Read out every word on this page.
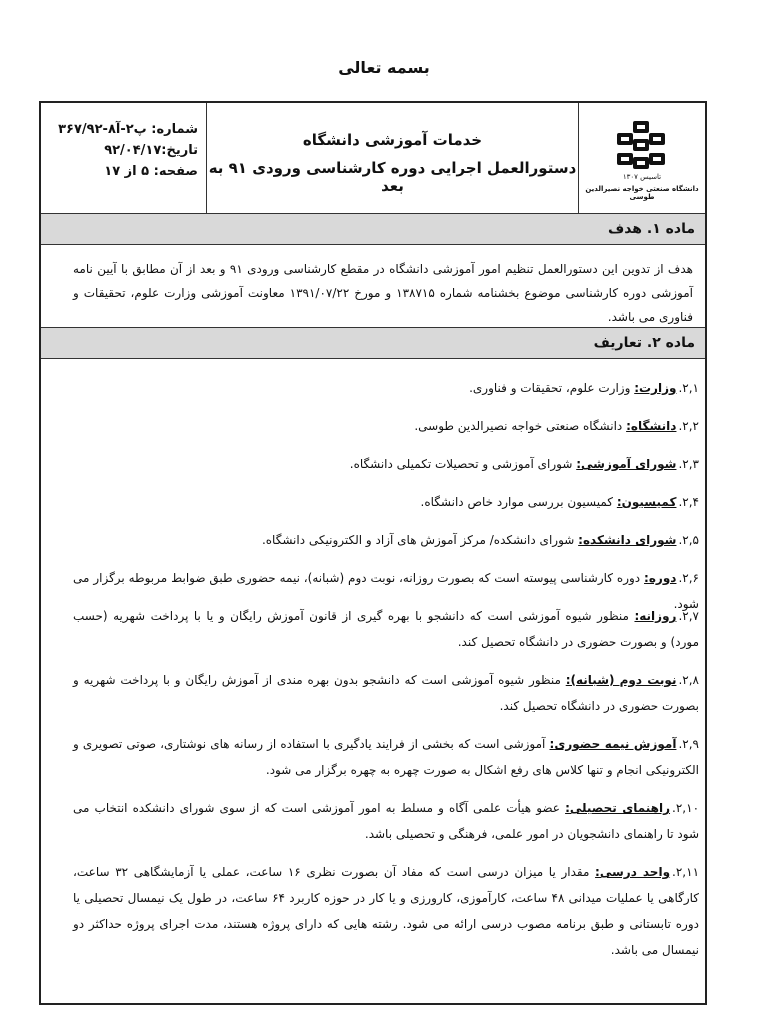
بسمه تعالی
شماره: پ۲-آ۸-۳۶۷/۹۲
تاریخ:۹۲/۰۴/۱۷
صفحه: ۵ از ۱۷
خدمات آموزشی دانشگاه
دستورالعمل اجرایی دوره کارشناسی ورودی ۹۱ به بعد	تاسیس ۱۳۰۷
دانشگاه صنعتی خواجه نصیرالدین طوسی
ماده ۱. هدف
هدف از تدوین این دستورالعمل تنظیم امور آموزشی دانشگاه در مقطع کارشناسی ورودی ۹۱ و بعد از آن مطابق با آیین نامه آموزشی دوره کارشناسی موضوع بخشنامه شماره ۱۳۸۷۱۵ و مورخ ۱۳۹۱/۰۷/۲۲ معاونت آموزشی وزارت علوم، تحقیقات و فناوری می باشد.
ماده ۲. تعاریف
۲,۱.وزارت: وزارت علوم، تحقیقات و فناوری.
۲,۲.دانشگاه: دانشگاه صنعتی خواجه نصیرالدین طوسی.
۲,۳.شورای آموزشی: شورای آموزشی و تحصیلات تکمیلی دانشگاه.
۲,۴.کمیسیون: کمیسیون بررسی موارد خاص دانشگاه.
۲,۵.شورای دانشکده: شورای دانشکده/ مرکز آموزش های آزاد و الکترونیکی دانشگاه.
۲,۶.دوره: دوره کارشناسی پیوسته است که بصورت روزانه، نوبت دوم (شبانه)، نیمه حضوری طبق ضوابط مربوطه برگزار می شود.
۲,۷.روزانه: منظور شیوه آموزشی است که دانشجو با بهره گیری از قانون آموزش رایگان و یا با پرداخت شهریه (حسب مورد) و بصورت حضوری در دانشگاه تحصیل کند.
۲,۸.نوبت دوم (شبانه): منظور شیوه آموزشی است که دانشجو بدون بهره مندی از آموزش رایگان و با پرداخت شهریه و بصورت حضوری در دانشگاه تحصیل کند.
۲,۹.آموزش نیمه حضوری: آموزشی است که بخشی از فرایند یادگیری با استفاده از رسانه های نوشتاری، صوتی تصویری و الکترونیکی انجام و تنها کلاس های رفع اشکال به صورت چهره به چهره برگزار می شود.
۲,۱۰.راهنمای تحصیلی: عضو هیأت علمی آگاه و مسلط به امور آموزشی است که از سوی شورای دانشکده انتخاب می شود تا راهنمای دانشجویان در امور علمی، فرهنگی و تحصیلی باشد.
۲,۱۱.واحد درسی: مقدار یا میزان درسی است که مفاد آن بصورت نظری ۱۶ ساعت، عملی یا آزمایشگاهی ۳۲ ساعت، کارگاهی یا عملیات میدانی ۴۸ ساعت، کارآموزی، کارورزی و یا کار در حوزه کاربرد ۶۴ ساعت، در طول یک نیمسال تحصیلی یا دوره تابستانی و طبق برنامه مصوب درسی ارائه می شود. رشته هایی که دارای پروژه هستند، مدت اجرای پروژه حداکثر دو نیمسال می باشد.
